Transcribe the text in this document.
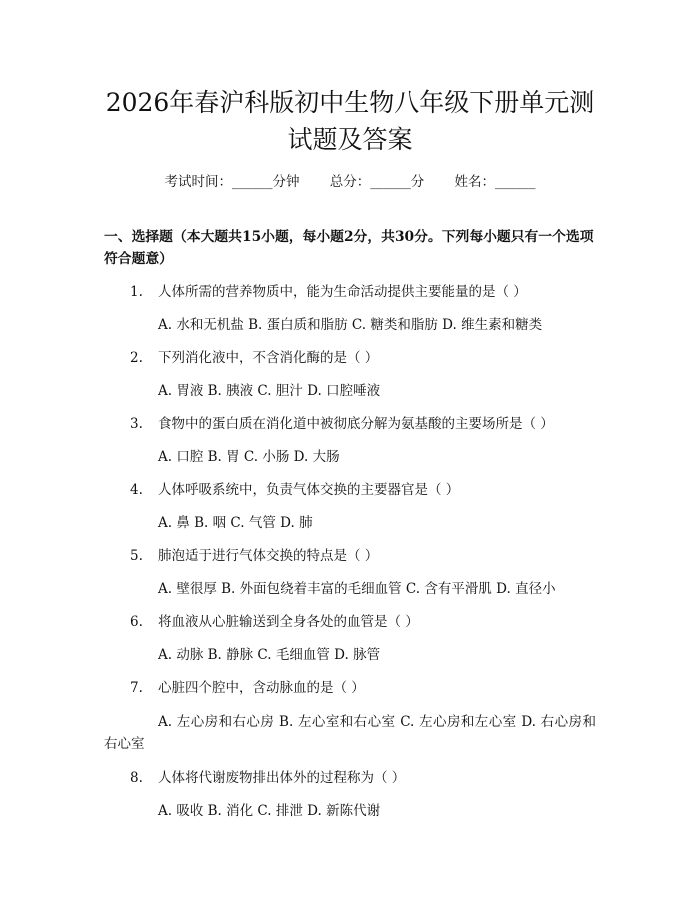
2026年春沪科版初中生物八年级下册单元测
试题及答案
考试时间：______分钟 总分：______分 姓名：______
一、选择题（本大题共15小题，每小题2分，共30分。下列每小题只有一个选项符合题意）
1.	人体所需的营养物质中，能为生命活动提供主要能量的是（ ）
A. 水和无机盐 B. 蛋白质和脂肪 C. 糖类和脂肪 D. 维生素和糖类
2.	下列消化液中，不含消化酶的是（ ）
A. 胃液 B. 胰液 C. 胆汁 D. 口腔唾液
3.	食物中的蛋白质在消化道中被彻底分解为氨基酸的主要场所是（ ）
A. 口腔 B. 胃 C. 小肠 D. 大肠
4.	人体呼吸系统中，负责气体交换的主要器官是（ ）
A. 鼻 B. 咽 C. 气管 D. 肺
5.	肺泡适于进行气体交换的特点是（ ）
A. 壁很厚 B. 外面包绕着丰富的毛细血管 C. 含有平滑肌 D. 直径小
6.	将血液从心脏输送到全身各处的血管是（ ）
A. 动脉 B. 静脉 C. 毛细血管 D. 脉管
7.	心脏四个腔中，含动脉血的是（ ）
A. 左心房和右心房 B. 左心室和右心室 C. 左心房和左心室 D. 右心房和右心室
8.	人体将代谢废物排出体外的过程称为（ ）
A. 吸收 B. 消化 C. 排泄 D. 新陈代谢
